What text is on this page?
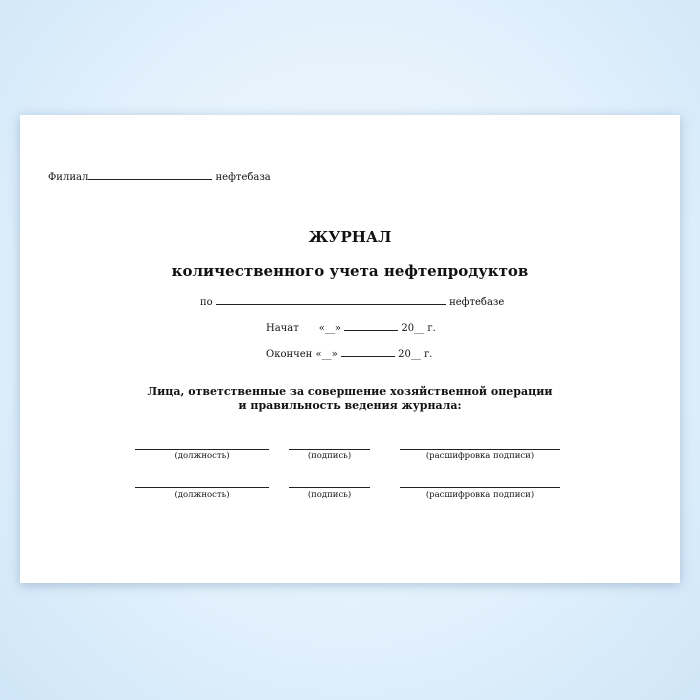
Филиал	нефтебаза
ЖУРНАЛ
количественного учета нефтепродуктов
по	нефтебазе
Начат «__»	20__ г.
Окончен «__»	20__ г.
Лица, ответственные за совершение хозяйственной операции
и правильность ведения журнала:
(должность)	(подпись)	(расшифровка подписи)
(должность)	(подпись)	(расшифровка подписи)
